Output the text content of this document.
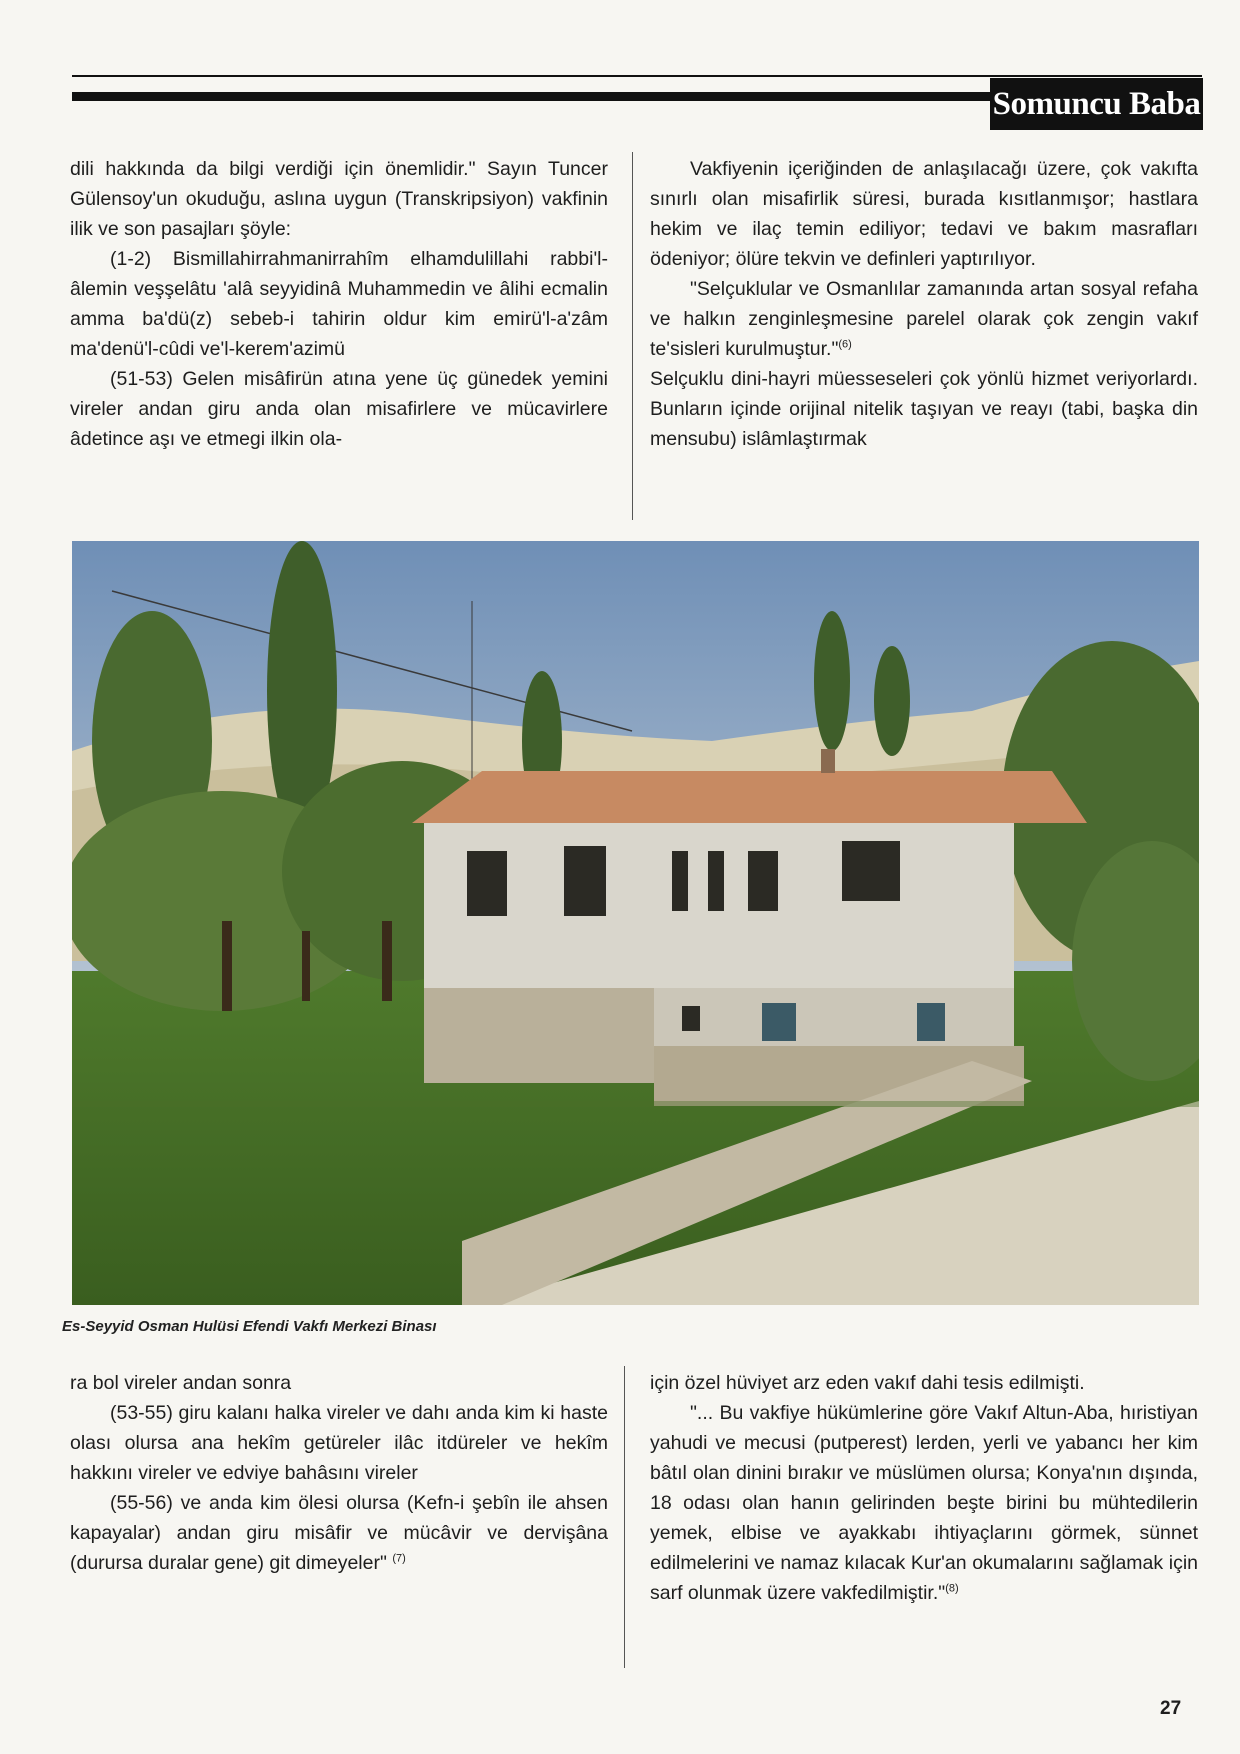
Somuncu Baba

dili hakkında da bilgi verdiği için önemlidir." Sayın Tuncer Gülensoy'un okuduğu, aslına uygun (Transkripsiyon) vakfinin ilik ve son pasajları şöyle:

(1-2) Bismillahirrahmanirrahîm elhamdulillahi rabbi'l-âlemin veşşelâtu 'alâ seyyidinâ Muhammedin ve âlihi ecmalin amma ba'dü(z) sebeb-i tahirin oldur kim emirü'l-a'zâm ma'denü'l-cûdi ve'l-kerem'azimü

(51-53) Gelen misâfirün atına yene üç günedek yemini vireler andan giru anda olan misafirlere ve mücavirlere âdetince aşı ve etmegi ilkin ola-

Vakfiyenin içeriğinden de anlaşılacağı üzere, çok vakıfta sınırlı olan misafirlik süresi, burada kısıtlanmışor; hastlara hekim ve ilaç temin ediliyor; tedavi ve bakım masrafları ödeniyor; ölüre tekvin ve definleri yaptırılıyor.

"Selçuklular ve Osmanlılar zamanında artan sosyal refaha ve halkın zenginleşmesine parelel olarak çok zengin vakıf te'sisleri kurulmuştur."$^{(6)}$

Selçuklu dini-hayri müesseseleri çok yönlü hizmet veriyorlardı. Bunların içinde orijinal nitelik taşıyan ve reayı (tabi, başka din mensubu) islâmlaştırmak

Es-Seyyid Osman Hulüsi Efendi Vakfı Merkezi Binası

ra bol vireler andan sonra

(53-55) giru kalanı halka vireler ve dahı anda kim ki haste olası olursa ana hekîm getüreler ilâc itdüreler ve hekîm hakkını vireler ve edviye bahâsını vireler

(55-56) ve anda kim ölesi olursa (Kefn-i şebîn ile ahsen kapayalar) andan giru misâfir ve mücâvir ve dervişâna (durursa duralar gene) git dimeyeler" $^{(7)}$

için özel hüviyet arz eden vakıf dahi tesis edilmişti.

"... Bu vakfiye hükümlerine göre Vakıf Altun-Aba, hıristiyan yahudi ve mecusi (putperest) lerden, yerli ve yabancı her kim bâtıl olan dinini bırakır ve müslümen olursa; Konya'nın dışında, 18 odası olan hanın gelirinden beşte birini bu mühtedilerin yemek, elbise ve ayakkabı ihtiyaçlarını görmek, sünnet edilmelerini ve namaz kılacak Kur'an okumalarını sağlamak için sarf olunmak üzere vakfedilmiştir."$^{(8)}$

27
